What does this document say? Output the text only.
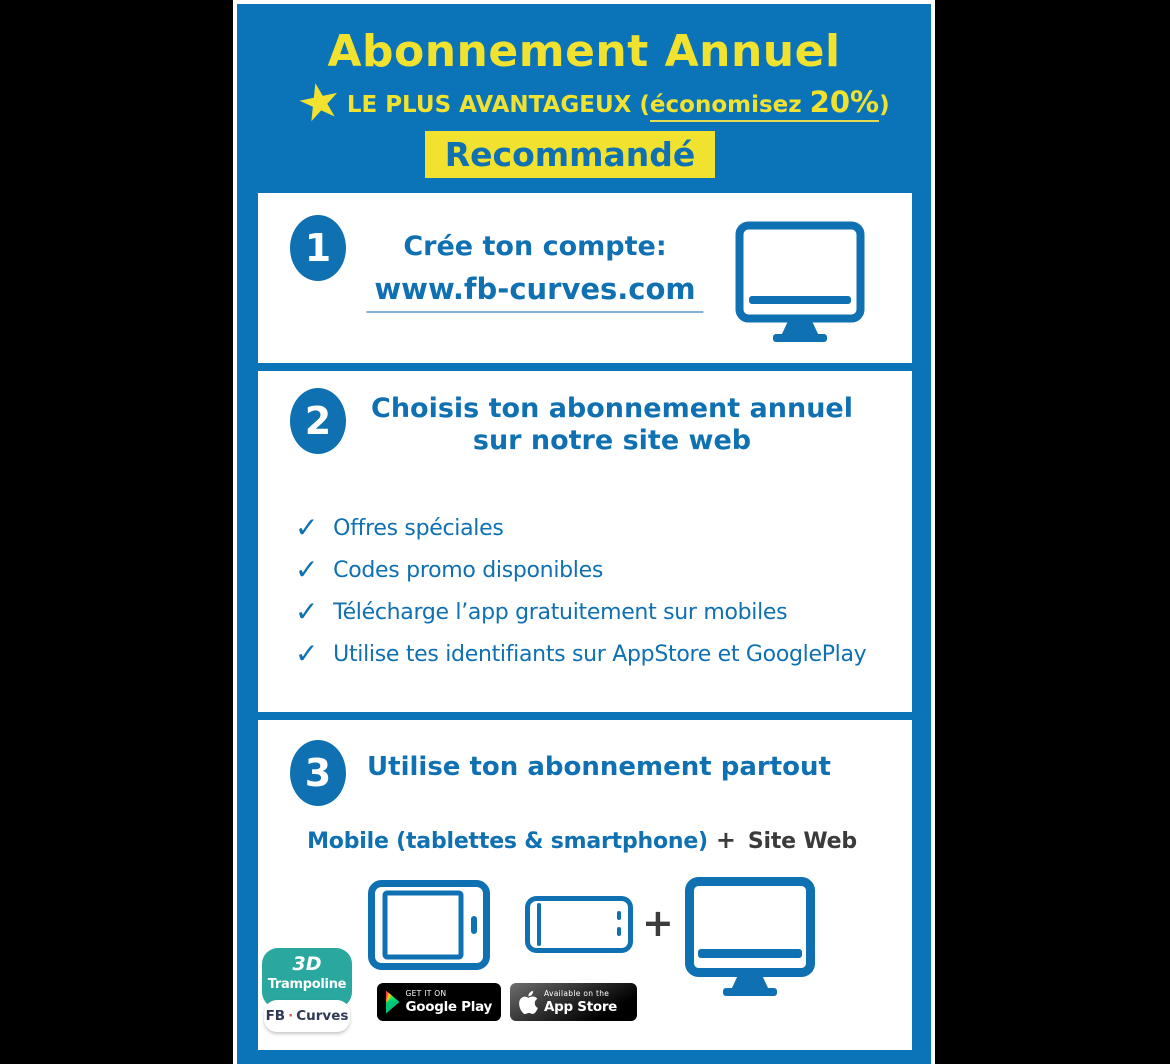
Abonnement Annuel
★ LE PLUS AVANTAGEUX (économisez 20%)
Recommandé
1	Crée ton compte:
www.fb-curves.com
2	Choisis ton abonnement annuel
sur notre site web
✓ Offres spéciales
✓ Codes promo disponibles
✓ Télécharge l’app gratuitement sur mobiles
✓ Utilise tes identifiants sur AppStore et GooglePlay
3	Utilise ton abonnement partout
Mobile (tablettes & smartphone) + Site Web
+
3D
Trampoline
FB · Curves
GET IT ON
Google Play
Available on the
App Store
